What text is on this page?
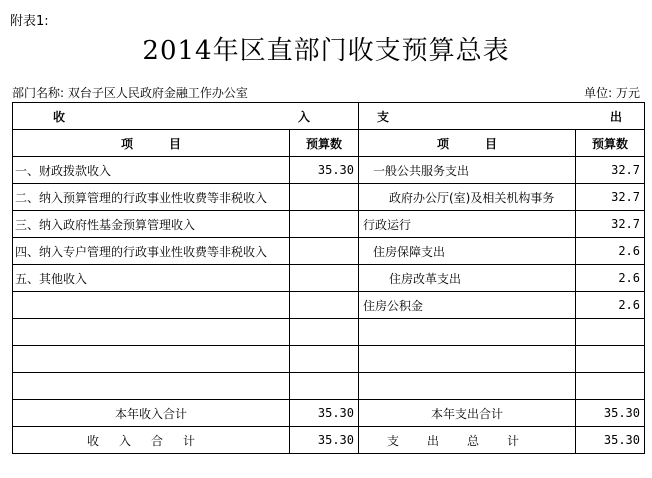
附表1:
2014年区直部门收支预算总表
部门名称: 双台子区人民政府金融工作办公室	单位: 万元
收 入		支 出	

项　　　目	预算数	项　　　目	预算数
一、财政拨款收入	35.30	一般公共服务支出	32.7
二、纳入预算管理的行政事业性收费等非税收入		政府办公厅(室)及相关机构事务	32.7
三、纳入政府性基金预算管理收入		行政运行	32.7
四、纳入专户管理的行政事业性收费等非税收入		住房保障支出	2.6
五、其他收入		住房改革支出	2.6
		住房公积金	2.6

本年收入合计	35.30	本年支出合计	35.30
收入合计	35.30	支出总计	35.30
